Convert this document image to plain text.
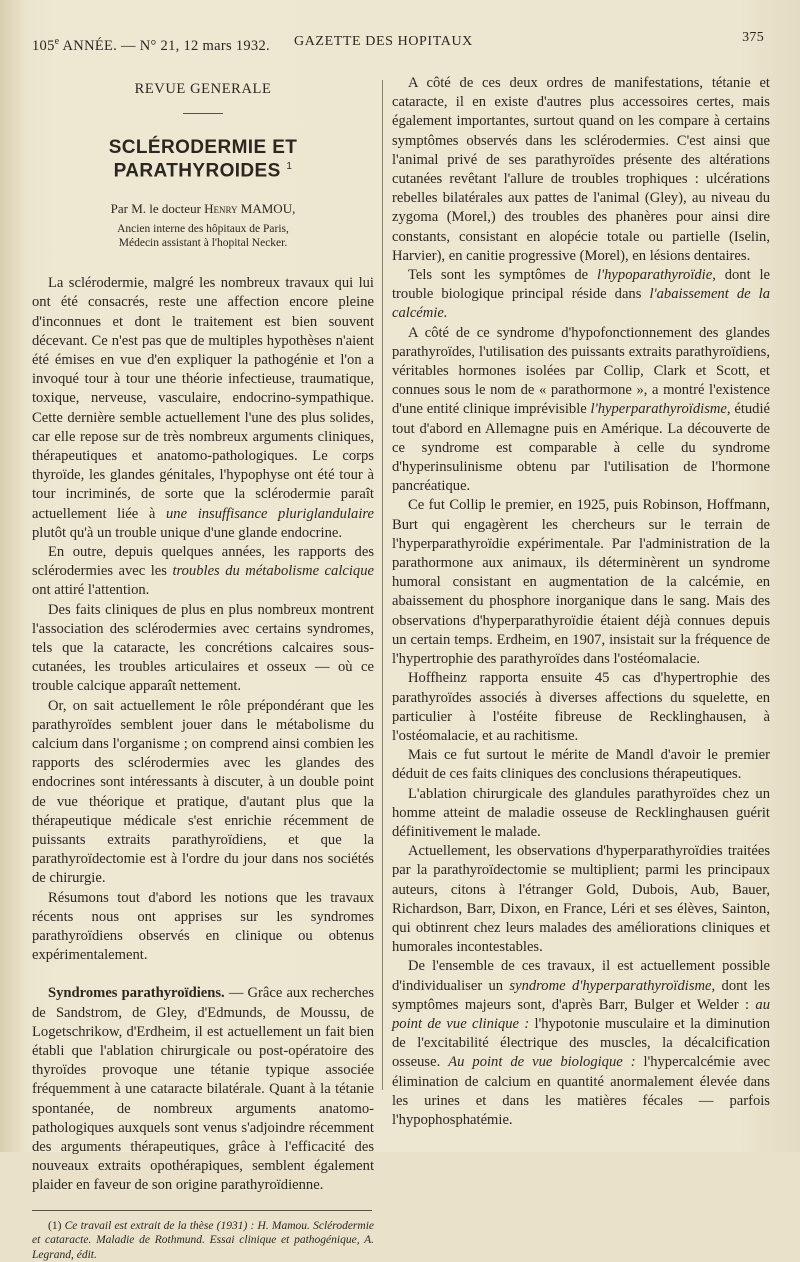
105e ANNÉE. — N° 21, 12 mars 1932. GAZETTE DES HOPITAUX	375
REVUE GENERALE
SCLÉRODERMIE ET PARATHYROIDES $^1$
Par M. le docteur Henry MAMOU,
Ancien interne des hôpitaux de Paris,
Médecin assistant à l'hopital Necker.

La sclérodermie, malgré les nombreux travaux qui lui ont été consacrés, reste une affection encore pleine d'inconnues et dont le traitement est bien souvent décevant. Ce n'est pas que de multiples hypothèses n'aient été émises en vue d'en expliquer la pathogénie et l'on a invoqué tour à tour une théorie infectieuse, traumatique, toxique, nerveuse, vasculaire, endocrino-sympathique. Cette dernière semble actuellement l'une des plus solides, car elle repose sur de très nombreux arguments cliniques, thérapeutiques et anatomo-pathologiques. Le corps thyroïde, les glandes génitales, l'hypophyse ont été tour à tour incriminés, de sorte que la sclérodermie paraît actuellement liée à une insuffisance pluriglandulaire plutôt qu'à un trouble unique d'une glande endocrine.

En outre, depuis quelques années, les rapports des sclérodermies avec les troubles du métabolisme calcique ont attiré l'attention.

Des faits cliniques de plus en plus nombreux montrent l'association des sclérodermies avec certains syndromes, tels que la cataracte, les concrétions calcaires sous-cutanées, les troubles articulaires et osseux — où ce trouble calcique apparaît nettement.

Or, on sait actuellement le rôle prépondérant que les parathyroïdes semblent jouer dans le métabolisme du calcium dans l'organisme ; on comprend ainsi combien les rapports des sclérodermies avec les glandes des endocrines sont intéressants à discuter, à un double point de vue théorique et pratique, d'autant plus que la thérapeutique médicale s'est enrichie récemment de puissants extraits parathyroïdiens, et que la parathyroïdectomie est à l'ordre du jour dans nos sociétés de chirurgie.

Résumons tout d'abord les notions que les travaux récents nous ont apprises sur les syndromes parathyroïdiens observés en clinique ou obtenus expérimentalement.

Syndromes parathyroïdiens. — Grâce aux recherches de Sandstrom, de Gley, d'Edmunds, de Moussu, de Logetschrikow, d'Erdheim, il est actuellement un fait bien établi que l'ablation chirurgicale ou post-opératoire des thyroïdes provoque une tétanie typique associée fréquemment à une cataracte bilatérale. Quant à la tétanie spontanée, de nombreux arguments anatomo-pathologiques auxquels sont venus s'adjoindre récemment des arguments thérapeutiques, grâce à l'efficacité des nouveaux extraits opothérapiques, semblent également plaider en faveur de son origine parathyroïdienne.

(1) Ce travail est extrait de la thèse (1931) : H. Mamou. Sclérodermie et cataracte. Maladie de Rothmund. Essai clinique et pathogénique, A. Legrand, édit.

A côté de ces deux ordres de manifestations, tétanie et cataracte, il en existe d'autres plus accessoires certes, mais également importantes, surtout quand on les compare à certains symptômes observés dans les sclérodermies. C'est ainsi que l'animal privé de ses parathyroïdes présente des altérations cutanées revêtant l'allure de troubles trophiques : ulcérations rebelles bilatérales aux pattes de l'animal (Gley), au niveau du zygoma (Morel,) des troubles des phanères pour ainsi dire constants, consistant en alopécie totale ou partielle (Iselin, Harvier), en canitie progressive (Morel), en lésions dentaires.

Tels sont les symptômes de l'hypoparathyroïdie, dont le trouble biologique principal réside dans l'abaissement de la calcémie.

A côté de ce syndrome d'hypofonctionnement des glandes parathyroïdes, l'utilisation des puissants extraits parathyroïdiens, véritables hormones isolées par Collip, Clark et Scott, et connues sous le nom de « parathormone », a montré l'existence d'une entité clinique imprévisible l'hyperparathyroïdisme, étudié tout d'abord en Allemagne puis en Amérique. La découverte de ce syndrome est comparable à celle du syndrome d'hyperinsulinisme obtenu par l'utilisation de l'hormone pancréatique.

Ce fut Collip le premier, en 1925, puis Robinson, Hoffmann, Burt qui engagèrent les chercheurs sur le terrain de l'hyperparathyroïdie expérimentale. Par l'administration de la parathormone aux animaux, ils déterminèrent un syndrome humoral consistant en augmentation de la calcémie, en abaissement du phosphore inorganique dans le sang. Mais des observations d'hyperparathyroïdie étaient déjà connues depuis un certain temps. Erdheim, en 1907, insistait sur la fréquence de l'hypertrophie des parathyroïdes dans l'ostéomalacie.

Hoffheinz rapporta ensuite 45 cas d'hypertrophie des parathyroïdes associés à diverses affections du squelette, en particulier à l'ostéite fibreuse de Recklinghausen, à l'ostéomalacie, et au rachitisme.

Mais ce fut surtout le mérite de Mandl d'avoir le premier déduit de ces faits cliniques des conclusions thérapeutiques.

L'ablation chirurgicale des glandules parathyroïdes chez un homme atteint de maladie osseuse de Recklinghausen guérit définitivement le malade.

Actuellement, les observations d'hyperparathyroïdies traitées par la parathyroïdectomie se multiplient; parmi les principaux auteurs, citons à l'étranger Gold, Dubois, Aub, Bauer, Richardson, Barr, Dixon, en France, Léri et ses élèves, Sainton, qui obtinrent chez leurs malades des améliorations cliniques et humorales incontestables.

De l'ensemble de ces travaux, il est actuellement possible d'individualiser un syndrome d'hyperparathyroïdisme, dont les symptômes majeurs sont, d'après Barr, Bulger et Welder : au point de vue clinique : l'hypotonie musculaire et la diminution de l'excitabilité électrique des muscles, la décalcification osseuse. Au point de vue biologique : l'hypercalcémie avec élimination de calcium en quantité anormalement élevée dans les urines et dans les matières fécales — parfois l'hypophosphatémie.
